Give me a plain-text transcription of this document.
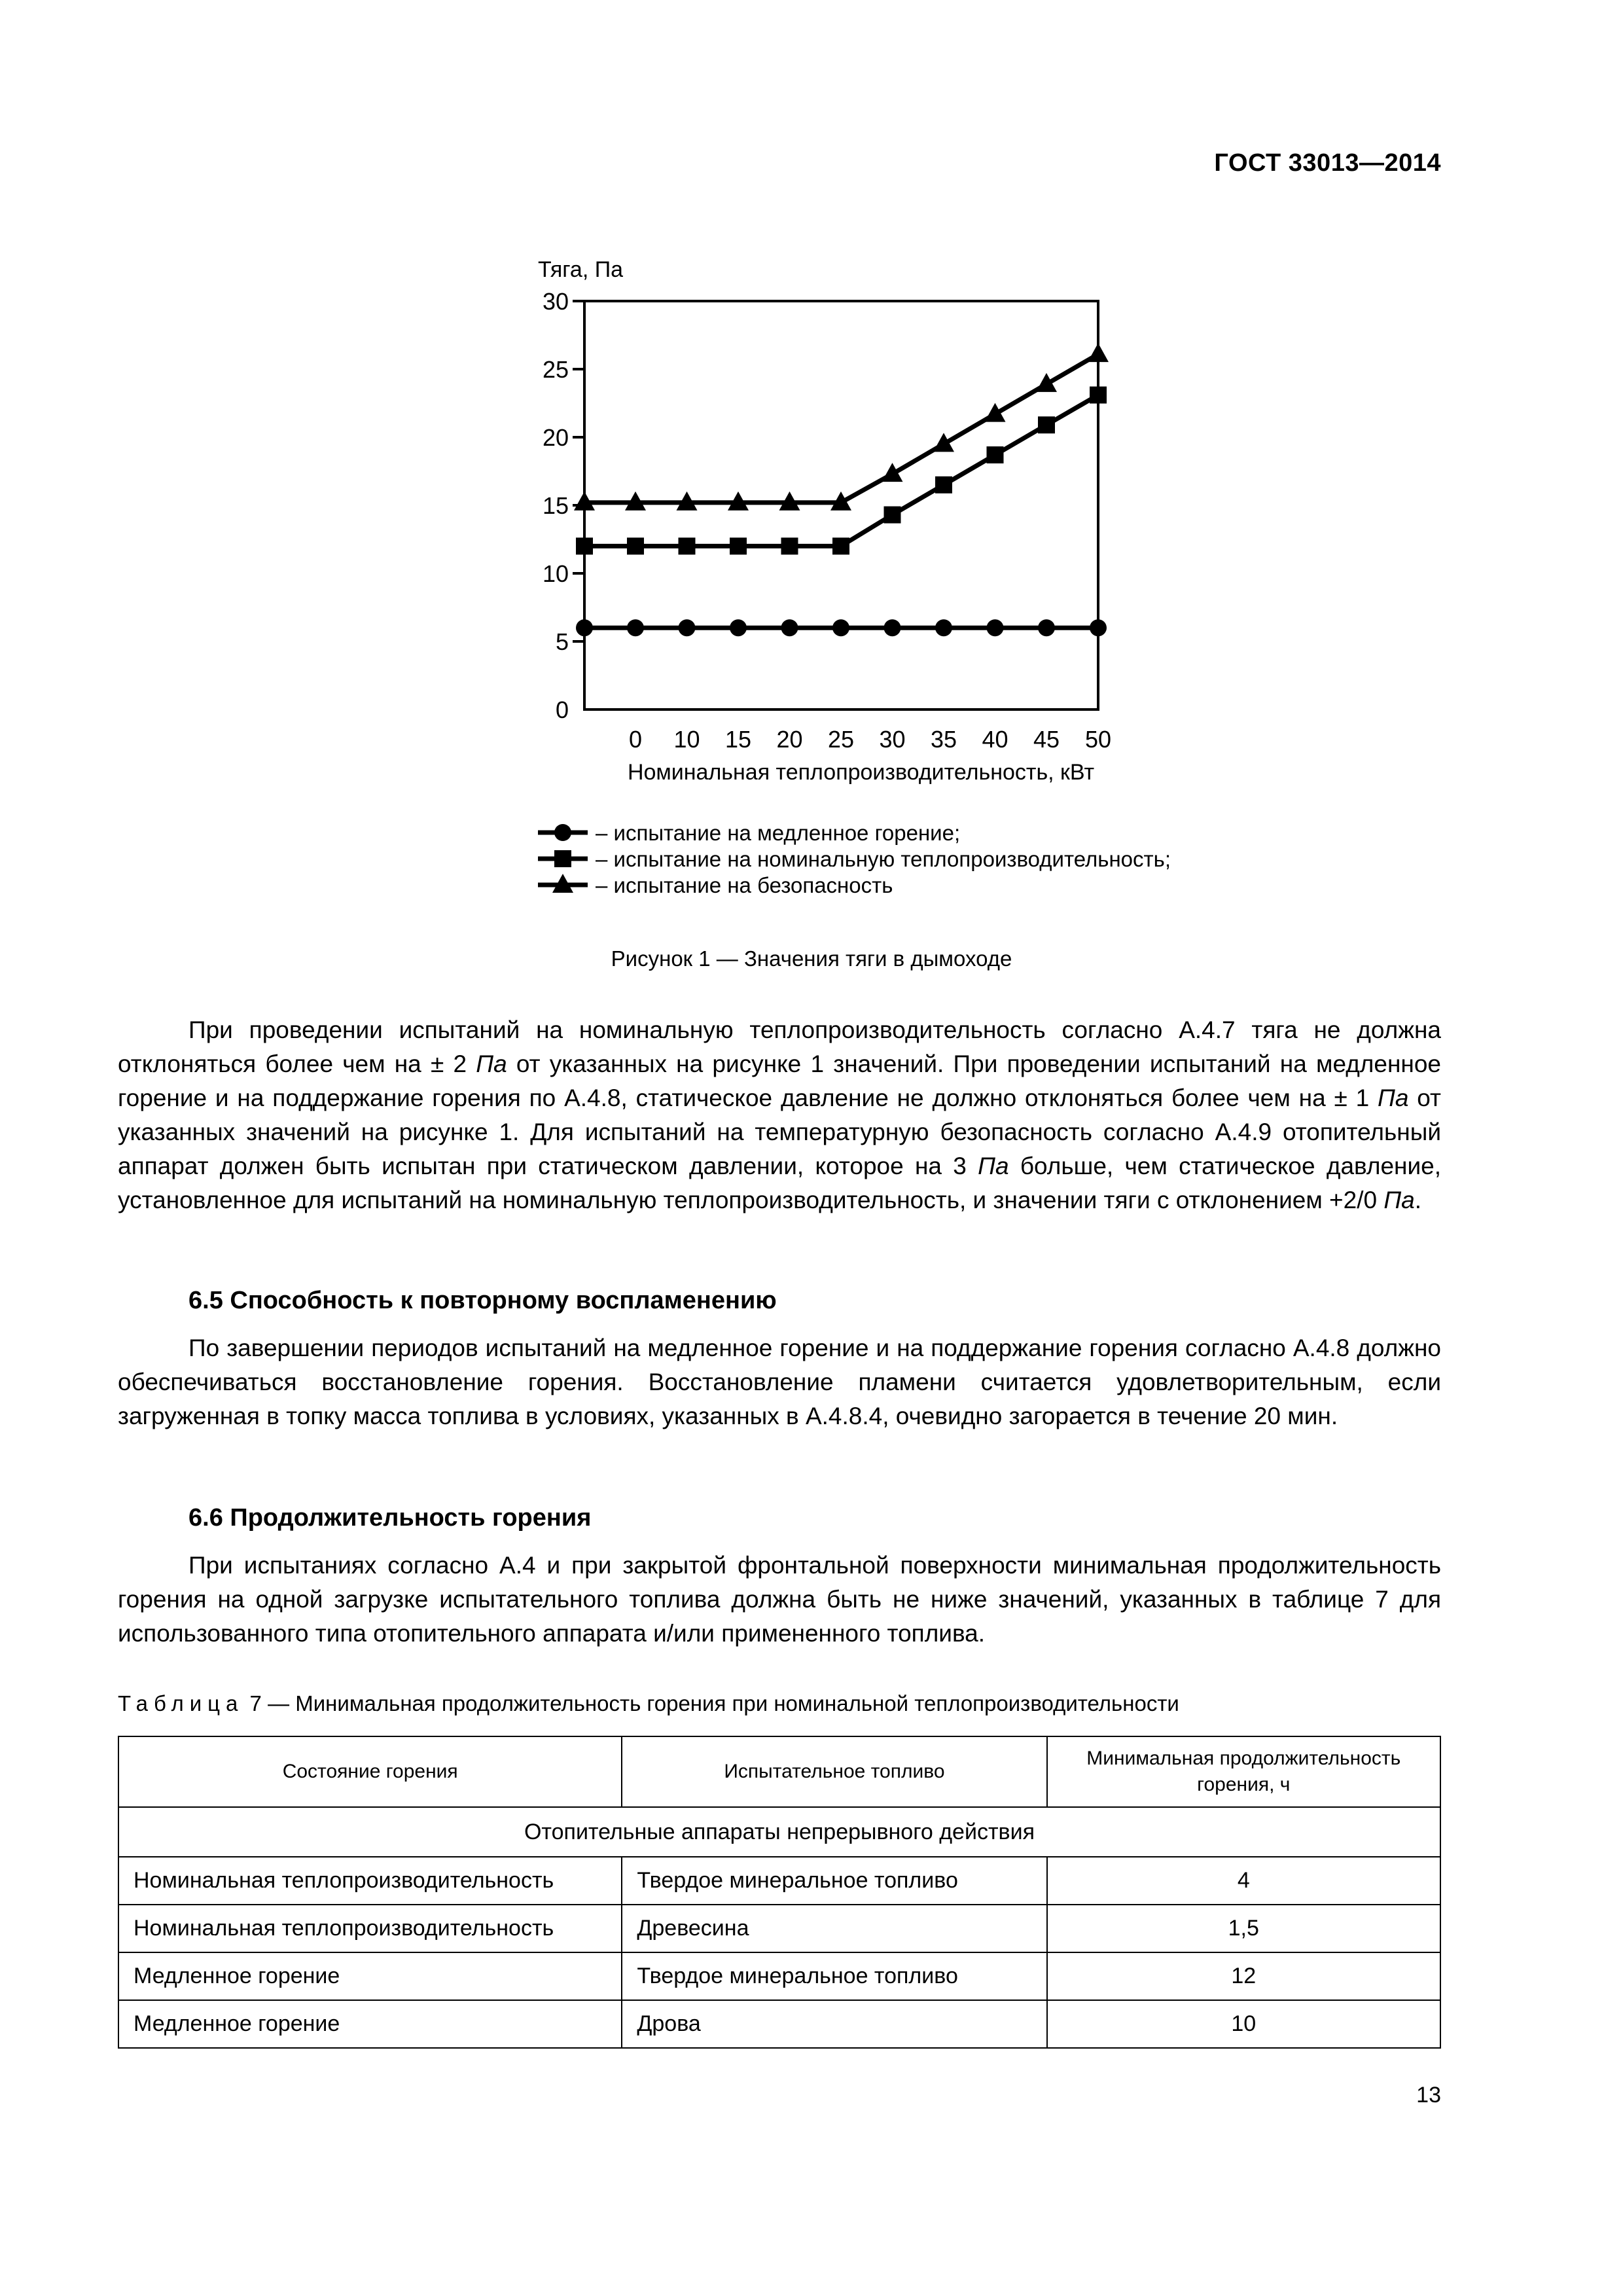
ГОСТ 33013—2014
0
5
10
15
20
25
30
Тяга, Па
0 10 15 20 25 30 35 40 45 50
Номинальная теплопроизводительность, кВт
– испытание на медленное горение;
– испытание на номинальную теплопроизводительность;
– испытание на безопасность
Рисунок 1 — Значения тяги в дымоходе

При проведении испытаний на номинальную теплопроизводительность согласно А.4.7 тяга не должна отклоняться более чем на ± 2 Па от указанных на рисунке 1 значений. При проведении испытаний на медленное горение и на поддержание горения по А.4.8, статическое давление не должно отклоняться более чем на ± 1 Па от указанных значений на рисунке 1. Для испытаний на температурную безопасность согласно А.4.9 отопительный аппарат должен быть испытан при статическом давлении, которое на 3 Па больше, чем статическое давление, установленное для испытаний на номинальную теплопроизводительность, и значении тяги с отклонением +2/0 Па.

6.5 Способность к повторному воспламенению

По завершении периодов испытаний на медленное горение и на поддержание горения согласно А.4.8 должно обеспечиваться восстановление горения. Восстановление пламени считается удовлетворительным, если загруженная в топку масса топлива в условиях, указанных в А.4.8.4, очевидно загорается в течение 20 мин.

6.6 Продолжительность горения

При испытаниях согласно А.4 и при закрытой фронтальной поверхности минимальная продолжительность горения на одной загрузке испытательного топлива должна быть не ниже значений, указанных в таблице 7 для использованного типа отопительного аппарата и/или примененного топлива.

Таблица 7 — Минимальная продолжительность горения при номинальной теплопроизводительности
Состояние горения	Испытательное топливо	Минимальная продолжительность горения, ч
Отопительные аппараты непрерывного действия		
Номинальная теплопроизводительность	Твердое минеральное топливо	4
Номинальная теплопроизводительность	Древесина	1,5
Медленное горение	Твердое минеральное топливо	12
Медленное горение	Дрова	10
13
